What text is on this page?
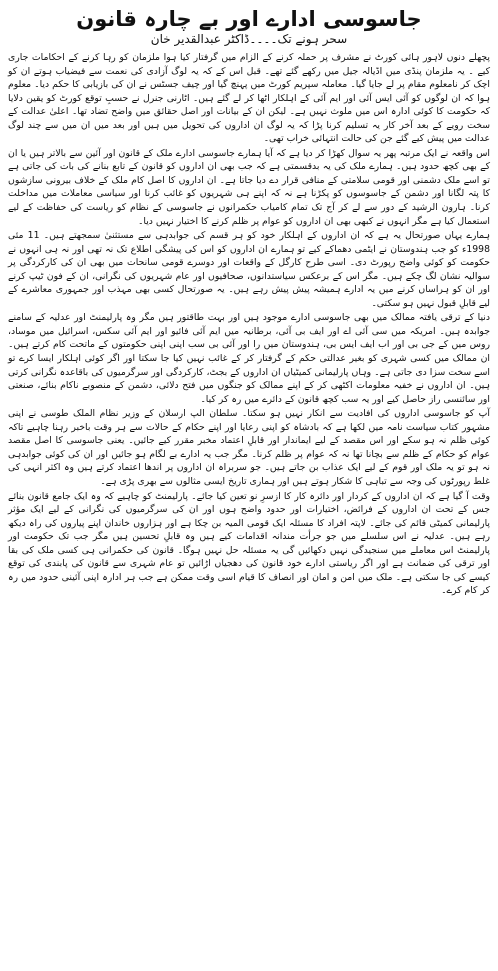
جاسوسی ادارے اور بے چارہ قانون

سحر ہونے تک۔۔۔۔ڈاکٹر عبدالقدیر خان

پچھلے دنوں لاہور ہائی کورٹ نے مشرف پر حملہ کرنے کے الزام میں گرفتار کیا ہوا ملزمان کو رہا کرنے کے احکامات جاری کیے ۔ یہ ملزمان پنڈی میں اڈیالہ جیل میں رکھے گئے تھے۔ قبل اس کے کہ یہ لوگ آزادی کی نعمت سے فیضیاب ہوتے ان کو اچک کر نامعلوم مقام پر لے جایا گیا۔ معاملہ سپریم کورٹ میں پہنچ گیا اور چیف جسٹس نے ان کی بازیابی کا حکم دیا۔ معلوم ہوا کہ ان لوگوں کو آئی ایس آئی اور ایم آئی کے اہلکار اٹھا کر لے گئے ہیں۔ اٹارنی جنرل نے حسبِ توقع کورٹ کو یقین دلایا کہ حکومت کا کوئی ادارہ اس میں ملوث نہیں ہے۔ لیکن ان کے بیانات اور اصل حقائق میں واضح تضاد تھا۔ اعلیٰ عدالت کے سخت رویے کے بعد آخر کار یہ تسلیم کرنا پڑا کہ یہ لوگ ان اداروں کی تحویل میں ہیں اور بعد میں ان میں سے چند لوگ عدالت میں پیش کیے گئے جن کی حالت انتہائی خراب تھی۔

اس واقعہ نے ایک مرتبہ پھر یہ سوال کھڑا کر دیا ہے کہ آیا ہمارے جاسوسی ادارے ملک کے قانون اور آئین سے بالاتر ہیں یا ان کے بھی کچھ حدود ہیں۔ ہمارے ملک کی یہ بدقسمتی ہے کہ جب بھی ان اداروں کو قانون کے تابع بنانے کی بات کی جاتی ہے تو اسے ملک دشمنی اور قومی سلامتی کے منافی قرار دے دیا جاتا ہے۔ ان اداروں کا اصل کام ملک کے خلاف بیرونی سازشوں کا پتہ لگانا اور دشمن کے جاسوسوں کو پکڑنا ہے نہ کہ اپنے ہی شہریوں کو غائب کرنا اور سیاسی معاملات میں مداخلت کرنا۔ ہارون الرشید کے دور سے لے کر آج تک تمام کامیاب حکمرانوں نے جاسوسی کے نظام کو ریاست کی حفاظت کے لیے استعمال کیا ہے مگر انہوں نے کبھی بھی ان اداروں کو عوام پر ظلم کرنے کا اختیار نہیں دیا۔

ہمارے یہاں صورتحال یہ ہے کہ ان اداروں کے اہلکار خود کو ہر قسم کی جوابدہی سے مستثنیٰ سمجھتے ہیں۔ 11 مئی 1998ء کو جب ہندوستان نے ایٹمی دھماکے کیے تو ہمارے ان اداروں کو اس کی پیشگی اطلاع تک نہ تھی اور نہ ہی انہوں نے حکومت کو کوئی واضح رپورٹ دی۔ اسی طرح کارگل کے واقعات اور دوسرے قومی سانحات میں بھی ان کی کارکردگی پر سوالیہ نشان لگ چکے ہیں۔ مگر اس کے برعکس سیاستدانوں، صحافیوں اور عام شہریوں کی نگرانی، ان کے فون ٹیپ کرنے اور ان کو ہراساں کرنے میں یہ ادارے ہمیشہ پیش پیش رہے ہیں۔ یہ صورتحال کسی بھی مہذب اور جمہوری معاشرے کے لیے قابلِ قبول نہیں ہو سکتی۔

دنیا کے ترقی یافتہ ممالک میں بھی جاسوسی ادارے موجود ہیں اور بہت طاقتور ہیں مگر وہ پارلیمنٹ اور عدلیہ کے سامنے جوابدہ ہیں۔ امریکہ میں سی آئی اے اور ایف بی آئی، برطانیہ میں ایم آئی فائیو اور ایم آئی سکس، اسرائیل میں موساد، روس میں کے جی بی اور اب ایف ایس بی، ہندوستان میں را اور آئی بی سب اپنی اپنی حکومتوں کے ماتحت کام کرتے ہیں۔ ان ممالک میں کسی شہری کو بغیر عدالتی حکم کے گرفتار کر کے غائب نہیں کیا جا سکتا اور اگر کوئی اہلکار ایسا کرے تو اسے سخت سزا دی جاتی ہے۔ وہاں پارلیمانی کمیٹیاں ان اداروں کے بجٹ، کارکردگی اور سرگرمیوں کی باقاعدہ نگرانی کرتی ہیں۔ ان اداروں نے خفیہ معلومات اکٹھی کر کے اپنے ممالک کو جنگوں میں فتح دلائی، دشمن کے منصوبے ناکام بنائے، صنعتی اور سائنسی راز حاصل کیے اور یہ سب کچھ قانون کے دائرے میں رہ کر کیا۔

آپ کو جاسوسی اداروں کی افادیت سے انکار نہیں ہو سکتا۔ سلطان الپ ارسلان کے وزیر نظام الملک طوسی نے اپنی مشہور کتاب سیاست نامہ میں لکھا ہے کہ بادشاہ کو اپنی رعایا اور اپنے حکام کے حالات سے ہر وقت باخبر رہنا چاہیے تاکہ کوئی ظلم نہ ہو سکے اور اس مقصد کے لیے ایماندار اور قابلِ اعتماد مخبر مقرر کیے جائیں۔ یعنی جاسوسی کا اصل مقصد عوام کو حکام کے ظلم سے بچانا تھا نہ کہ عوام پر ظلم کرنا۔ مگر جب یہ ادارے بے لگام ہو جائیں اور ان کی کوئی جوابدہی نہ ہو تو یہ ملک اور قوم کے لیے ایک عذاب بن جاتے ہیں۔ جو سربراہ ان اداروں پر اندھا اعتماد کرتے ہیں وہ اکثر انہی کی غلط رپورٹوں کی وجہ سے تباہی کا شکار ہوتے ہیں اور ہماری تاریخ ایسی مثالوں سے بھری پڑی ہے۔

وقت آ گیا ہے کہ ان اداروں کے کردار اور دائرہ کار کا ازسرِ نو تعین کیا جائے۔ پارلیمنٹ کو چاہیے کہ وہ ایک جامع قانون بنائے جس کے تحت ان اداروں کے فرائض، اختیارات اور حدود واضح ہوں اور ان کی سرگرمیوں کی نگرانی کے لیے ایک مؤثر پارلیمانی کمیٹی قائم کی جائے۔ لاپتہ افراد کا مسئلہ ایک قومی المیہ بن چکا ہے اور ہزاروں خاندان اپنے پیاروں کی راہ دیکھ رہے ہیں۔ عدلیہ نے اس سلسلے میں جو جرأت مندانہ اقدامات کیے ہیں وہ قابلِ تحسین ہیں مگر جب تک حکومت اور پارلیمنٹ اس معاملے میں سنجیدگی نہیں دکھائیں گی یہ مسئلہ حل نہیں ہوگا۔ قانون کی حکمرانی ہی کسی ملک کی بقا اور ترقی کی ضمانت ہے اور اگر ریاستی ادارے خود قانون کی دھجیاں اڑائیں تو عام شہری سے قانون کی پابندی کی توقع کیسے کی جا سکتی ہے۔ ملک میں امن و امان اور انصاف کا قیام اسی وقت ممکن ہے جب ہر ادارہ اپنی آئینی حدود میں رہ کر کام کرے۔
